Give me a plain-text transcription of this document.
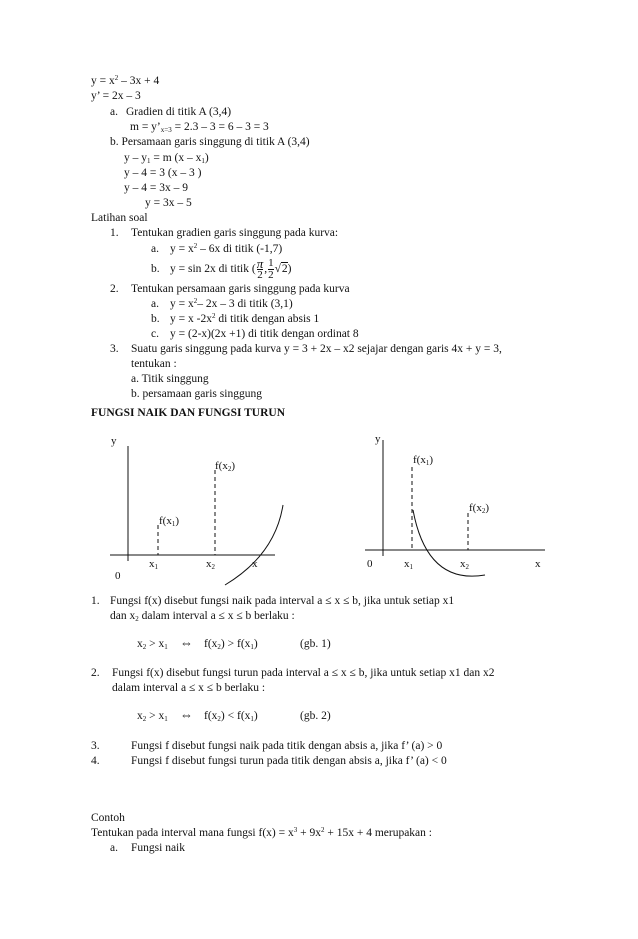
$y = x^2 - 3x + 4$
y’ = 2x – 3
a. Gradien di titik A (3,4)
$m = y’_{x=3} = 2.3 - 3 = 6 - 3 = 3$
b. Persamaan garis singgung di titik A (3,4)
$y - y_1 = m$ $(x - x_1)$
y – 4 = 3 (x – 3 )
y – 4 = 3x – 9
y = 3x – 5
Latihan soal
1. Tentukan gradien garis singgung pada kurva:
a. $y = x^2 - 6x$ di titik (-1,7)
b. y = sin 2x di titik ( $\frac{\pi}{2}$ , $\frac{1}{2} √2$)
2. Tentukan persamaan garis singgung pada kurva
a. $y = x^2-$ 2x – 3 di titik (3,1)
b. y = x $-2x^2$ di titik dengan absis 1
c. y = (2-x)(2x +1) di titik dengan ordinat 8
3. Suatu garis singgung pada kurva y = 3 + 2x – x2 sejajar dengan garis 4x + y = 3,
tentukan :
a. Titik singgung
b. persamaan garis singgung
FUNGSI NAIK DAN FUNGSI TURUN
y
0
x
x1	x2
f(x1)
f(x2)
y
0	x
x1	x2
f(x1)
f(x2)
1. Fungsi f(x) disebut fungsi naik pada interval a ≤ x ≤ b, jika untuk setiap x1
dan $x_2$ dalam interval a ≤ x ≤ b berlaku :
$x_2 > x_1$ ⇔ $f(x_2) > f(x_1)$	(gb. 1)
2. Fungsi f(x) disebut fungsi turun pada interval a ≤ x ≤ b, jika untuk setiap x1 dan x2
dalam interval a ≤ x ≤ b berlaku :
$x_2 > x_1$ ⇔ $f(x_2) < f(x_1)$	(gb. 2)
3.	Fungsi f disebut fungsi naik pada titik dengan absis a, jika f’ (a) > 0
4.	Fungsi f disebut fungsi turun pada titik dengan absis a, jika f’ (a) < 0
Contoh
Tentukan pada interval mana fungsi $f(x) = x^3 + 9x^2 + 15x + 4$ merupakan :
a. Fungsi naik
